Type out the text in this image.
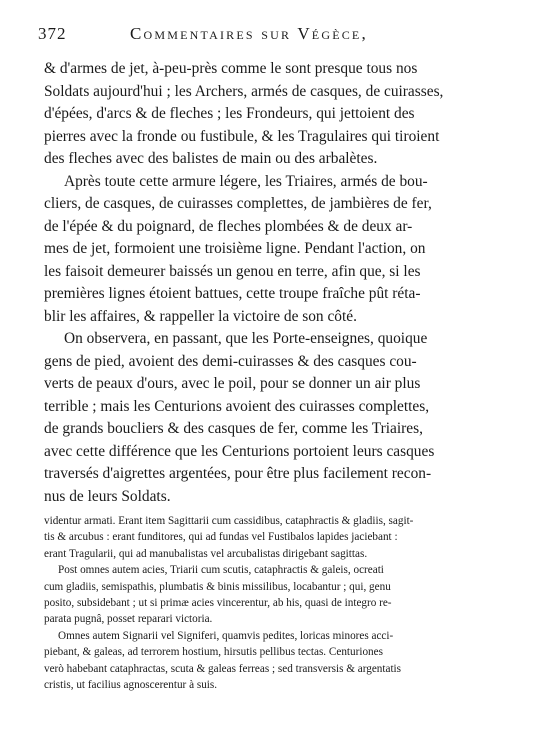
372	Commentaires sur Végèce,

& d'armes de jet, à-peu-près comme le sont presque tous nos
Soldats aujourd'hui ; les Archers, armés de casques, de cuirasses,
d'épées, d'arcs & de fleches ; les Frondeurs, qui jettoient des
pierres avec la fronde ou fustibule, & les Tragulaires qui tiroient
des fleches avec des balistes de main ou des arbalètes.

Après toute cette armure légere, les Triaires, armés de bou-
cliers, de casques, de cuirasses complettes, de jambières de fer,
de l'épée & du poignard, de fleches plombées & de deux ar-
mes de jet, formoient une troisième ligne. Pendant l'action, on
les faisoit demeurer baissés un genou en terre, afin que, si les
premières lignes étoient battues, cette troupe fraîche pût réta-
blir les affaires, & rappeller la victoire de son côté.

On observera, en passant, que les Porte-enseignes, quoique
gens de pied, avoient des demi-cuirasses & des casques cou-
verts de peaux d'ours, avec le poil, pour se donner un air plus
terrible ; mais les Centurions avoient des cuirasses complettes,
de grands boucliers & des casques de fer, comme les Triaires,
avec cette différence que les Centurions portoient leurs casques
traversés d'aigrettes argentées, pour être plus facilement recon-
nus de leurs Soldats.

videntur armati. Erant item Sagittarii cum cassidibus, cataphractis & gladiis, sagit-
tis & arcubus : erant funditores, qui ad fundas vel Fustibalos lapides jaciebant :
erant Tragularii, qui ad manubalistas vel arcubalistas dirigebant sagittas.

Post omnes autem acies, Triarii cum scutis, cataphractis & galeis, ocreati
cum gladiis, semispathis, plumbatis & binis missilibus, locabantur ; qui, genu
posito, subsidebant ; ut si primæ acies vincerentur, ab his, quasi de integro re-
parata pugnâ, posset reparari victoria.

Omnes autem Signarii vel Signiferi, quamvis pedites, loricas minores acci-
piebant, & galeas, ad terrorem hostium, hirsutis pellibus tectas. Centuriones
verò habebant cataphractas, scuta & galeas ferreas ; sed transversis & argentatis
cristis, ut facilius agnoscerentur à suis.
